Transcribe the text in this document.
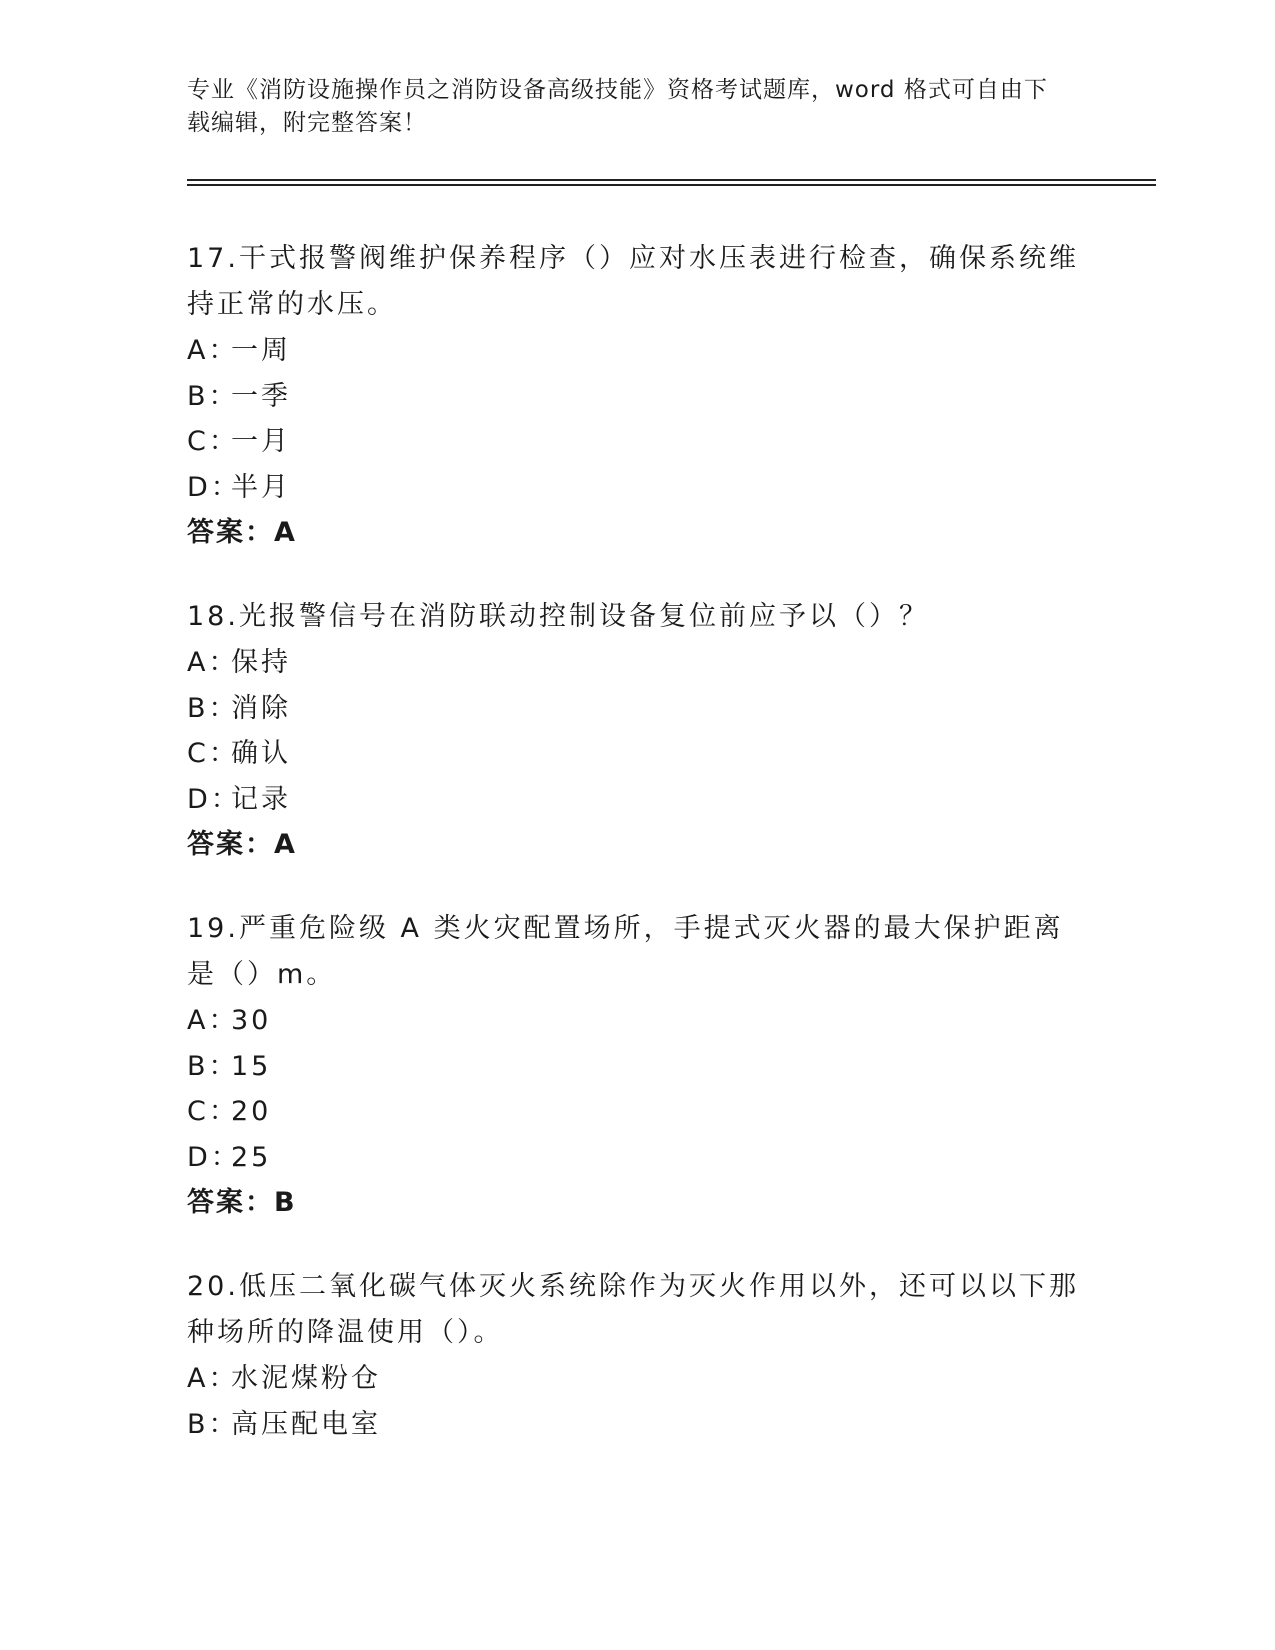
专业《消防设施操作员之消防设备高级技能》资格考试题库，word 格式可自由下载编辑，附完整答案！
17.干式报警阀维护保养程序（）应对水压表进行检查，确保系统维持正常的水压。
A：
一周
B：
一季
C：
一月
D：
半月
答案：A
18.光报警信号在消防联动控制设备复位前应予以（）？
A：
保持
B：
消除
C：
确认
D：
记录
答案：A
19.严重危险级 A 类火灾配置场所，手提式灭火器的最大保护距离是（）m。
A：
30
B：
15
C：
20
D：
25
答案：B
20.低压二氧化碳气体灭火系统除作为灭火作用以外，还可以以下那种场所的降温使用（）。
A：
水泥煤粉仓
B：
高压配电室
